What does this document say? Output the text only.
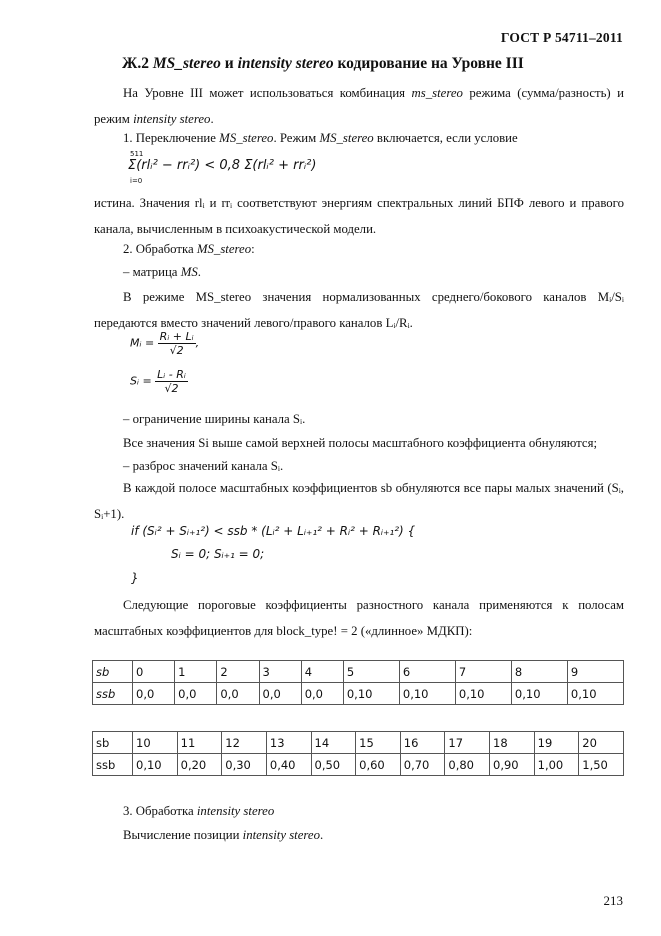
ГОСТ Р 54711–2011
Ж.2 MS_stereo и intensity stereo кодирование на Уровне III
На Уровне III может использоваться комбинация ms_stereo режима (сумма/разность) и режим intensity stereo.
1. Переключение MS_stereo. Режим MS_stereo включается, если условие
511
i=0
Σ(rlᵢ² − rrᵢ²) < 0,8 Σ(rlᵢ² + rrᵢ²)
истина. Значения rlᵢ и rrᵢ соответствуют энергиям спектральных линий БПФ левого и правого канала, вычисленным в психоакустической модели.
2. Обработка MS_stereo:
– матрица MS.
В режиме MS_stereo значения нормализованных среднего/бокового каналов Mᵢ/Sᵢ передаются вместо значений левого/правого каналов Lᵢ/Rᵢ.
Mᵢ = $\frac{\text{Rᵢ + Lᵢ}}{√2}$ ,
Sᵢ = $\frac{\text{Lᵢ - Rᵢ}}{√2}$
– ограничение ширины канала Sᵢ.
Все значения Si выше самой верхней полосы масштабного коэффициента обнуляются;
– разброс значений канала Sᵢ.
В каждой полосе масштабных коэффициентов sb обнуляются все пары малых значений (Sᵢ, Sᵢ+1).
if (Sᵢ² + Sᵢ₊₁²) < ssb * (Lᵢ² + Lᵢ₊₁² + Rᵢ² + Rᵢ₊₁²) {
Sᵢ = 0; Sᵢ₊₁ = 0;
}
Следующие пороговые коэффициенты разностного канала применяются к полосам масштабных коэффициентов для block_type! = 2 («длинное» МДКП):
sb	0	1	2	3	4	5	6	7	8	9
ssb	0,0	0,0	0,0	0,0	0,0	0,10	0,10	0,10	0,10	0,10
sb	10	11	12	13	14	15	16	17	18	19	20
ssb	0,10	0,20	0,30	0,40	0,50	0,60	0,70	0,80	0,90	1,00	1,50
3. Обработка intensity stereo
Вычисление позиции intensity stereo.
213
